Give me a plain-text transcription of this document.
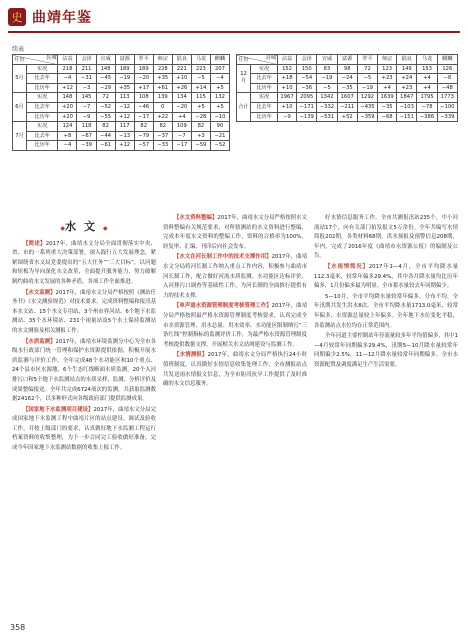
史 曲靖年鉴
续表
县城
月份		沾益	会泽	宣威	富源	罗平	师宗	陆良	马龙	麒麟
5月	实况	218	211	148	189	189	228	221	223	207
	比去年	−4	−31	−45	−19	−20	+35	+10	−5	−4
	比历年	+12	−3	−29	+35	+17	+61	+26	+14	+5
6月	实况	148	145	72	113	108	139	134	115	132
	比去年	+20	−7	−52	−12	−46	0	−20	+5	+5
	比历年	+20	−9	−55	+12	−17	+22	+4	−28	−10
7月	实况	124	118	82	117	82	82	109	82	90
	比去年	+8	−67	−44	−13	−79	−37	−7	+3	−21
	比历年	−4	−39	−61	+12	−57	−33	−17	−59	−52
县城
月份		沾益	会泽	宣威	富源	罗平	师宗	陆良	马龙	麒麟
12月	实况	152	150	83	98	72	123	149	153	126
	比去年	+18	−54	−19	−24	−5	+23	+24	+4	−8
	比历年	+10	−36	−5	−35	−19	+4	+23	+4	−48
合计	实况	1967	2095	1342	1607	1292	1639	1847	1795	1773
	比去年	+10	−171	−332	−211	−435	−35	−103	−78	−100
	比历年	−9	−139	−531	+52	−359	−68	−151	−386	−339
◆水文◆

【简述】2017年，曲靖水文分局全面贯彻落实中央、省、市的一系列重大决策部署，深入践行五大发展理念，紧紧围绕省水文局党委提出的“五大任务”“三大目标”，以问题和短板为导向深化水文改革，全面提升服务能力，努力破解制约曲靖水文发展的各种矛盾，各项工作全面推进。

【水文监测】2017年，曲靖水文分局严格按照《测站任务书》《水文测验规范》对技术要求，完成资料整编和报汛基本水文站、15个水文专用站、3个州市界河站、6个地下水监测站、35个水环境站、231个雨量站及5个水土保持监测站的水文测验及相关测报工作。

【水质监测】2017年，曲靖水环境监测分中心为全市各级水行政部门统一管理和保护水资源提供依据，积极开展水质监测与评价工作。全年完成48个水功能区和10个重点、24个县市区水源地、6个生态红线断面水质监测，20个入河排污口和5个地下水监测站点的水质采样、监测、分析评价及成果整编报送。全年共完成6724项次的监测，共获取监测数据24162个，以多种形式向各级政府部门提供监测成果。

【国家地下水监测项目建设】2017年，曲靖水文分局完成国家地下水监测工程中曲靖片区的站点建设、调试及验收工作，并按上级部门的要求，认真做好地下水监测工程运行档案资料的收集整理，为下一步合同完工验收做好准备。完成今年国家地下水监测站数据的收集上报工作。

【水文资料整编】2017年，曲靖水文分局严格按照水文资料整编有关规范要求，对所辖测站的水文资料进行整编，完成本年度水文资料的整编工作，资料的合格率为100%，经复审、汇编、刊印后向社会发布。

【水文在河长制工作中的技术支撑作用】2017年，曲靖水文分局将河长制工作纳入重点工作内容，积极参与曲靖市河长制工作，配合做好河流水质监测、水功能区达标评价、入河排污口调查等基础性工作，为河长制的全面推行提供有力的技术支撑。

【单声道水资源管理制度考核管理工作】2017年，曲靖分局严格按照最严格水资源管理制度考核要求，认真完成全市水资源管理、用水总量、用水效率、水功能区限制纳污“三条红线”控制指标的监测评价工作，为最严格水资源管理制度考核提供数据支撑，开展相关水文站网建设与监测工作。

【水情测报】2017年，曲靖水文分局严格执行24小时值班制度，认真做好水情信息收集处理工作，全市测报站点共发送雨水情报文信息，为全市防汛抗旱工作提供了及时准确的水文信息服务。

好水情信息服务工作。全市共测报汛站235个，中小河流站17个，向有关部门拍发报文5万余份。全年共编写水情简报202期，各类材料68期，洪水预报及预警信息208期，年内，完成了2016年度《曲靖市水资源公报》的编制及公告。

【水雨情简况】2017年1—4月，全市平均降水量112.3毫米，较常年偏多29.4%，其中各月降水量均比历年偏多，1月份偏多最为明显。全市蓄水量较去年同期偏少。

5—10月，全市平均降水量较常年偏多，分布不均，全年汛期共发生洪水8次。全市平均降水量1713.0毫米，较常年偏多，水资源总量较上年偏多。全年地下水位变化平稳，各监测站点水位均在正常范围内。

全年河道主要控制站年径流量较多年平均值偏多，其中1—4月较常年同期偏多29.4%，汛期5—10月降水量较常年同期偏少2.5%，11—12月降水量较常年同期偏多。全市水资源配置及调度满足生产生活需要。

358
